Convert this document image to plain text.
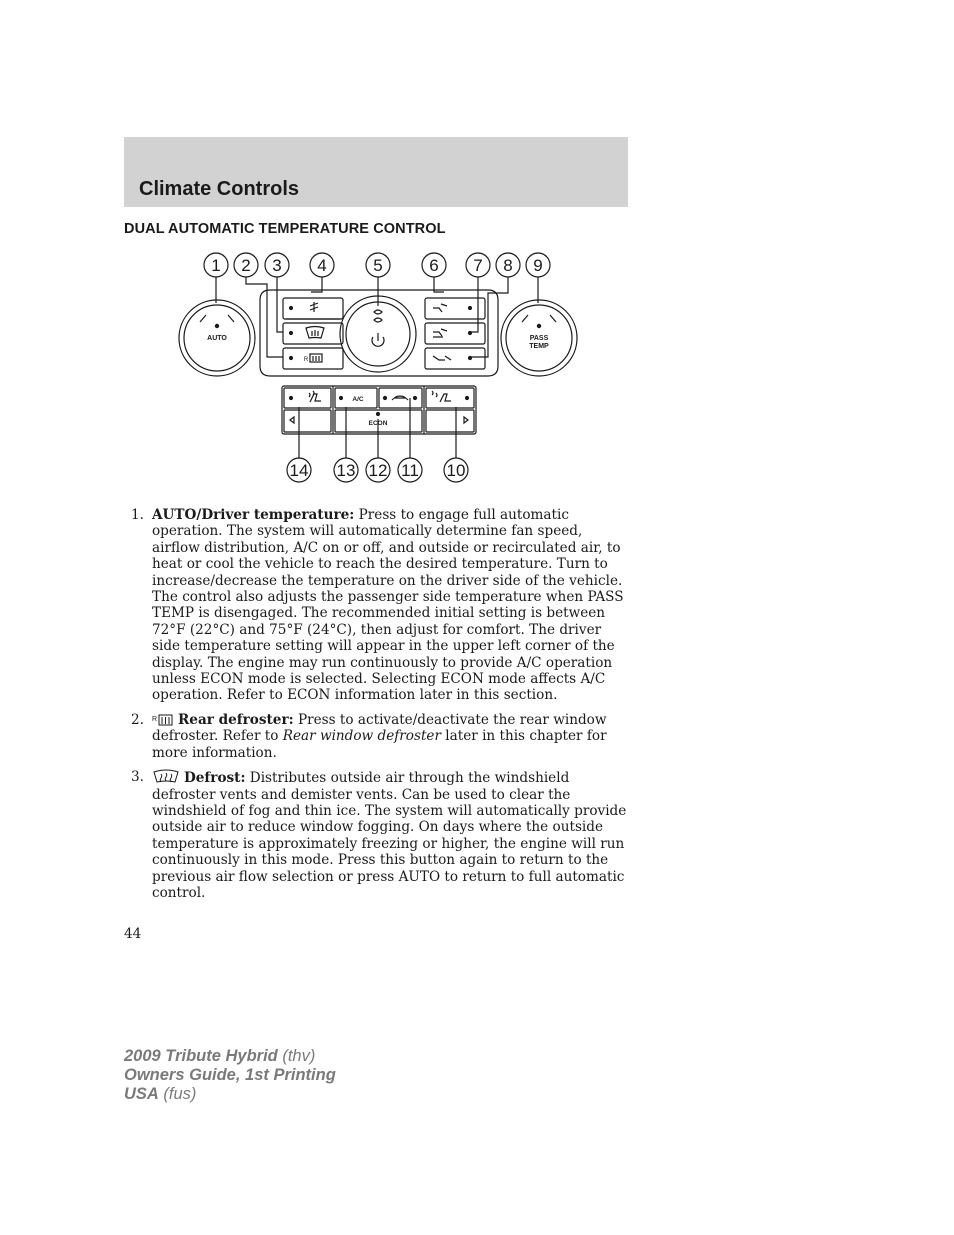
Climate Controls
DUAL AUTOMATIC TEMPERATURE CONTROL
1 2 3 4	5	6 7 8 9
14 13 12 11 10
AUTO	PASS
TEMP
A/C
ECON
R
1. AUTO/Driver temperature: Press to engage full automatic operation. The system will automatically determine fan speed, airflow distribution, A/C on or off, and outside or recirculated air, to heat or cool the vehicle to reach the desired temperature. Turn to increase/decrease the temperature on the driver side of the vehicle. The control also adjusts the passenger side temperature when PASS TEMP is disengaged. The recommended initial setting is between 72°F (22°C) and 75°F (24°C), then adjust for comfort. The driver side temperature setting will appear in the upper left corner of the display. The engine may run continuously to provide A/C operation unless ECON mode is selected. Selecting ECON mode affects A/C operation. Refer to ECON information later in this section.
2. R Rear defroster: Press to activate/deactivate the rear window defroster. Refer to Rear window defroster later in this chapter for more information.
3.	Defrost: Distributes outside air through the windshield defroster vents and demister vents. Can be used to clear the windshield of fog and thin ice. The system will automatically provide outside air to reduce window fogging. On days where the outside temperature is approximately freezing or higher, the engine will run continuously in this mode. Press this button again to return to the previous air flow selection or press AUTO to return to full automatic control.
44
2009 Tribute Hybrid (thv)
Owners Guide, 1st Printing
USA (fus)
